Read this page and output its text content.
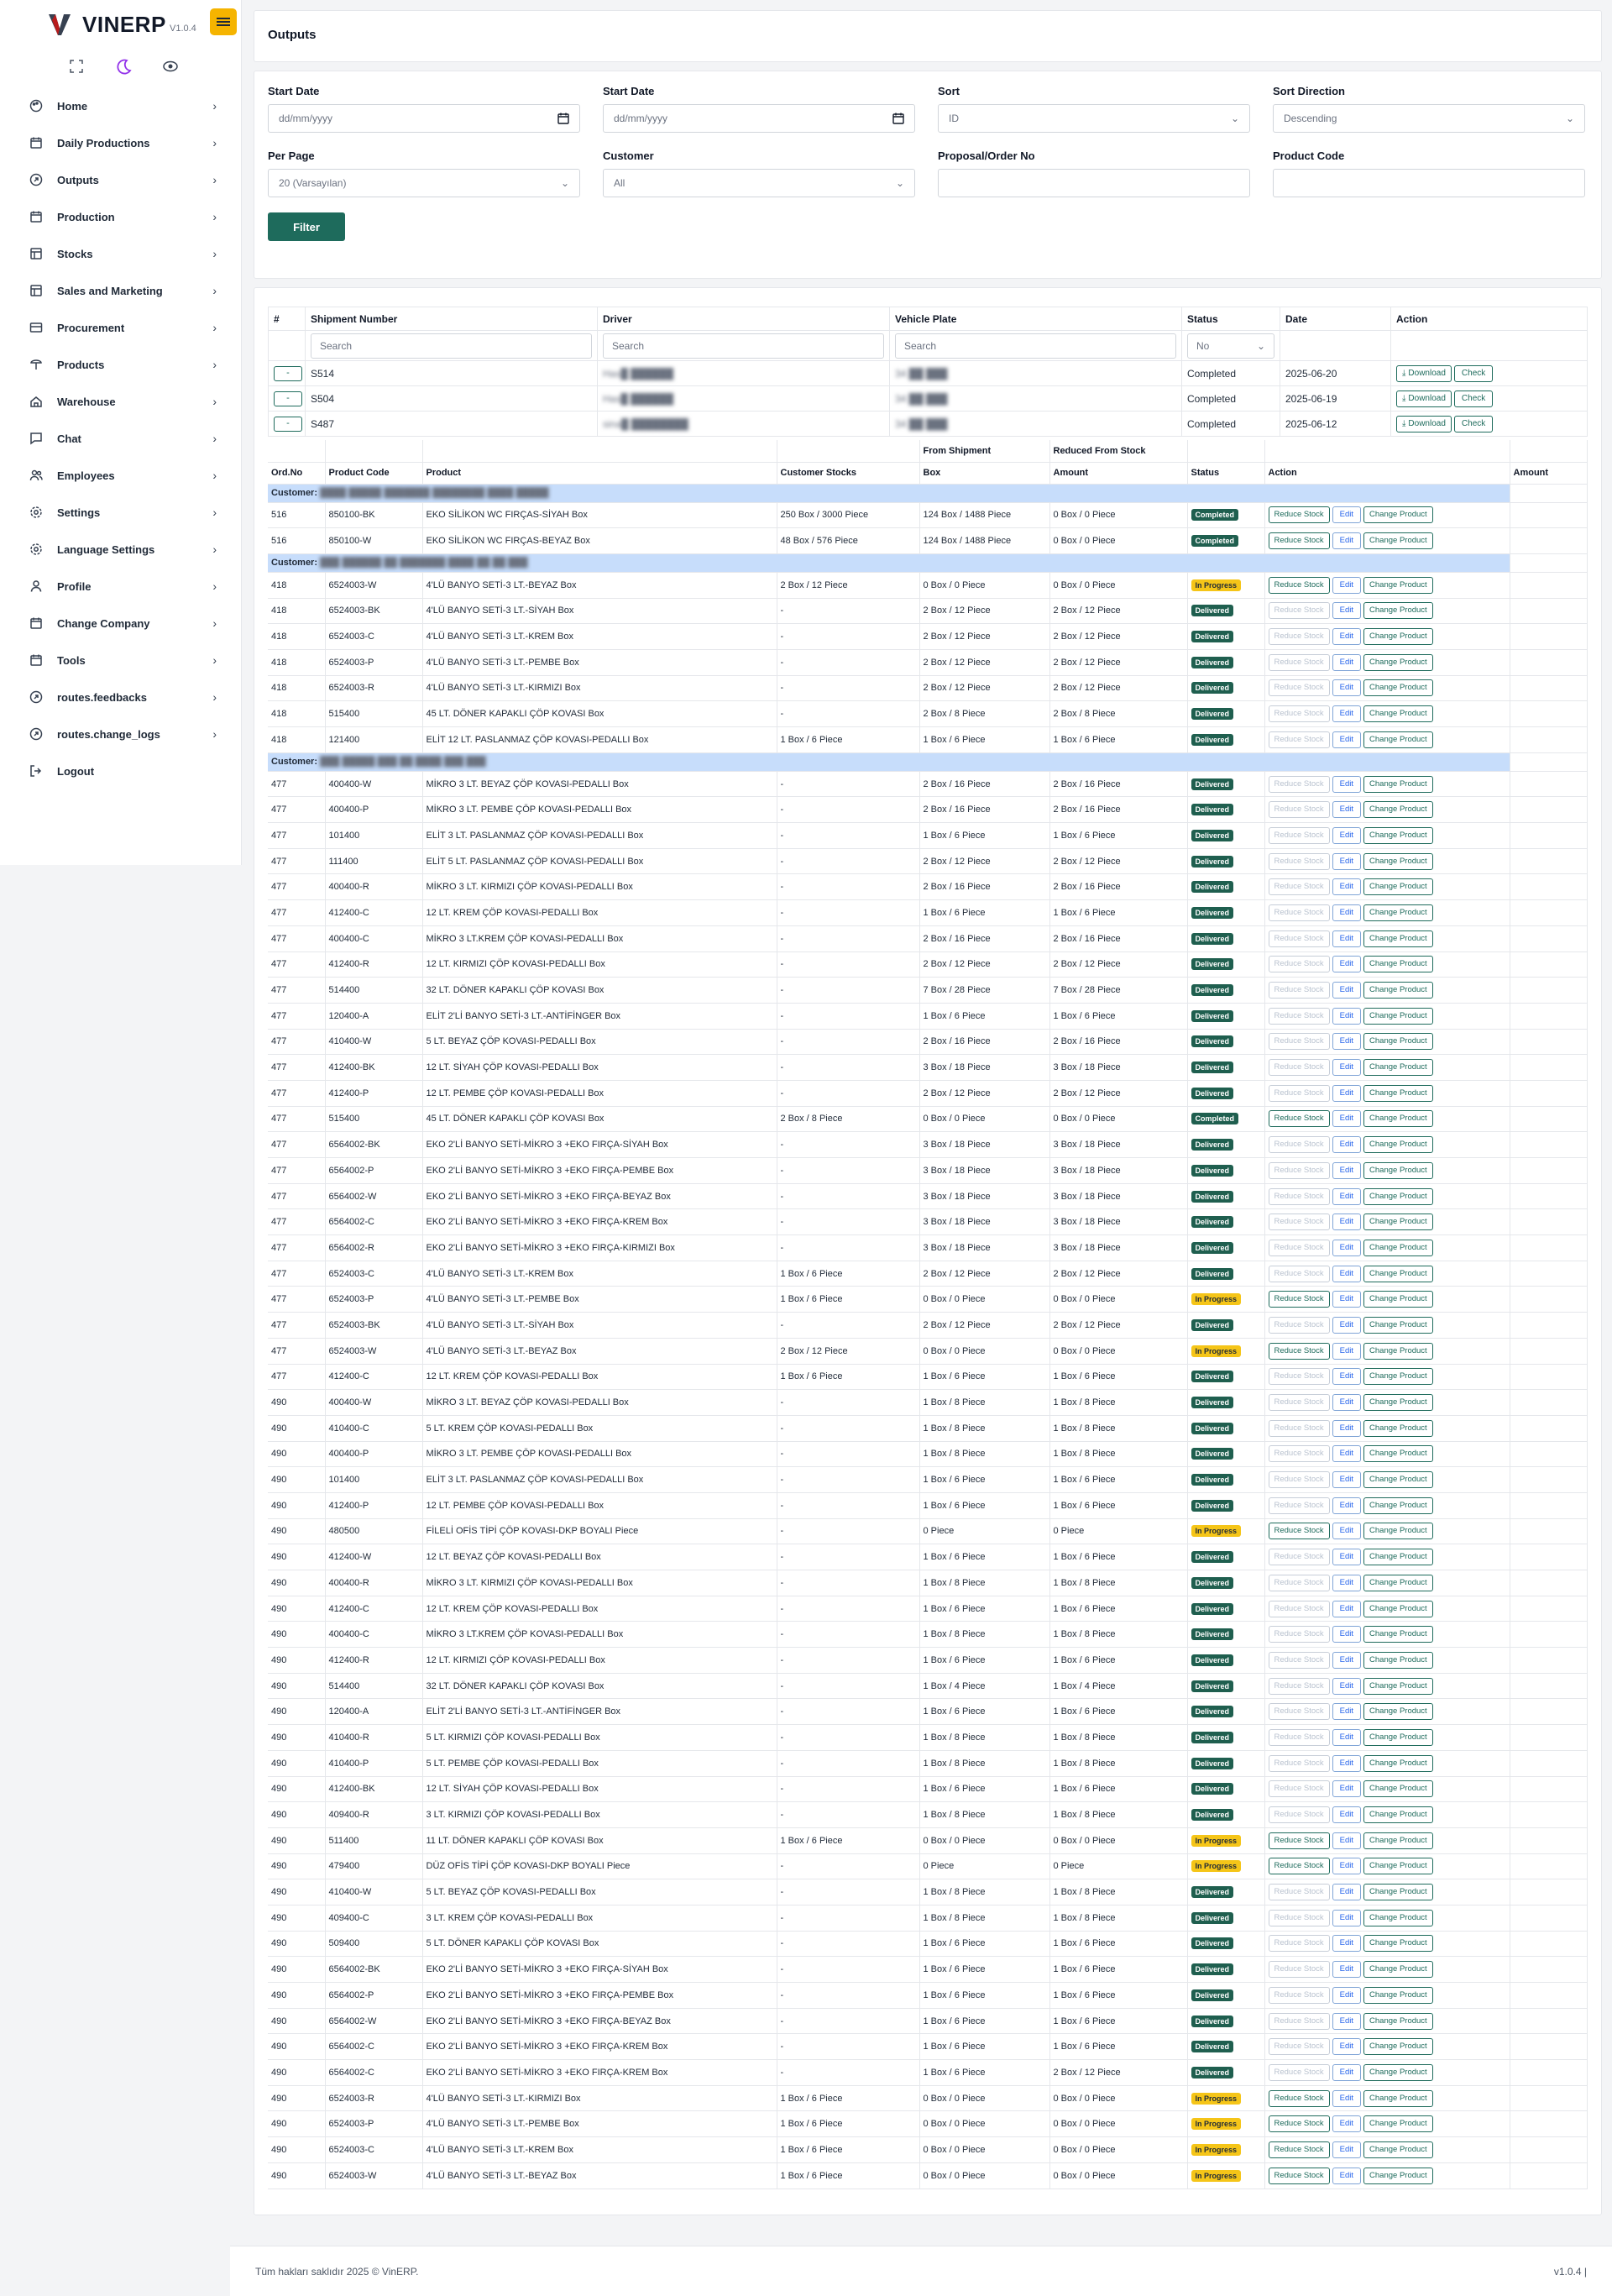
VINERP V1.0.4
Home	›
Daily Productions	›
Outputs	›
Production	›
Stocks	›
Sales and Marketing	›
Procurement	›
Products	›
Warehouse	›
Chat	›
Employees	›
Settings	›
Language Settings	›
Profile	›
Change Company	›
Tools	›
routes.feedbacks	›
routes.change_logs	›
Logout
Outputs
Start Date
dd/mm/yyyy
Start Date
dd/mm/yyyy
Sort
ID	⌄
Sort Direction
Descending	⌄
Per Page
20 (Varsayılan)	⌄
Customer
All	⌄
Proposal/Order No	Product Code
Filter
#	Shipment Number	Driver	Vehicle Plate	Status	Date	Action

Search	Search	Search	No ⌄		

-	S514	Has█ ██████	34 ██ ███	Completed	2025-06-20	⤓ Download Check

-	S504	Has█ ██████	34 ██ ███	Completed	2025-06-19	⤓ Download Check

-	S487	sina█ ████████	34 ██ ███	Completed	2025-06-12	⤓ Download Check
				From Shipment	Reduced From Stock			
Ord.No	Product Code	Product	Customer Stocks	Box	Amount	Status	Action	Amount
Customer: ████ █████ ███████ ████████ ████ █████								
516	850100-BK	EKO SİLİKON WC FIRÇAS-SİYAH Box	250 Box / 3000 Piece	124 Box / 1488 Piece	0 Box / 0 Piece	Completed	Reduce Stock Edit Change Product	
516	850100-W	EKO SİLİKON WC FIRÇAS-BEYAZ Box	48 Box / 576 Piece	124 Box / 1488 Piece	0 Box / 0 Piece	Completed	Reduce Stock Edit Change Product	
Customer: ███ ██████ ██ ███████ ████ ██ ██ ███								
418	6524003-W	4'LÜ BANYO SETİ-3 LT.-BEYAZ Box	2 Box / 12 Piece	0 Box / 0 Piece	0 Box / 0 Piece	In Progress	Reduce Stock Edit Change Product	
418	6524003-BK	4'LÜ BANYO SETİ-3 LT.-SİYAH Box	-	2 Box / 12 Piece	2 Box / 12 Piece	Delivered	Reduce Stock Edit Change Product	
418	6524003-C	4'LÜ BANYO SETİ-3 LT.-KREM Box	-	2 Box / 12 Piece	2 Box / 12 Piece	Delivered	Reduce Stock Edit Change Product	
418	6524003-P	4'LÜ BANYO SETİ-3 LT.-PEMBE Box	-	2 Box / 12 Piece	2 Box / 12 Piece	Delivered	Reduce Stock Edit Change Product	
418	6524003-R	4'LÜ BANYO SETİ-3 LT.-KIRMIZI Box	-	2 Box / 12 Piece	2 Box / 12 Piece	Delivered	Reduce Stock Edit Change Product	
418	515400	45 LT. DÖNER KAPAKLI ÇÖP KOVASI Box	-	2 Box / 8 Piece	2 Box / 8 Piece	Delivered	Reduce Stock Edit Change Product	
418	121400	ELİT 12 LT. PASLANMAZ ÇÖP KOVASI-PEDALLI Box	1 Box / 6 Piece	1 Box / 6 Piece	1 Box / 6 Piece	Delivered	Reduce Stock Edit Change Product	
Customer: ███ █████ ███ ██ ████ ███ ███								
477	400400-W	MİKRO 3 LT. BEYAZ ÇÖP KOVASI-PEDALLI Box	-	2 Box / 16 Piece	2 Box / 16 Piece	Delivered	Reduce Stock Edit Change Product	
477	400400-P	MİKRO 3 LT. PEMBE ÇÖP KOVASI-PEDALLI Box	-	2 Box / 16 Piece	2 Box / 16 Piece	Delivered	Reduce Stock Edit Change Product	
477	101400	ELİT 3 LT. PASLANMAZ ÇÖP KOVASI-PEDALLI Box	-	1 Box / 6 Piece	1 Box / 6 Piece	Delivered	Reduce Stock Edit Change Product	
477	111400	ELİT 5 LT. PASLANMAZ ÇÖP KOVASI-PEDALLI Box	-	2 Box / 12 Piece	2 Box / 12 Piece	Delivered	Reduce Stock Edit Change Product	
477	400400-R	MİKRO 3 LT. KIRMIZI ÇÖP KOVASI-PEDALLI Box	-	2 Box / 16 Piece	2 Box / 16 Piece	Delivered	Reduce Stock Edit Change Product	
477	412400-C	12 LT. KREM ÇÖP KOVASI-PEDALLI Box	-	1 Box / 6 Piece	1 Box / 6 Piece	Delivered	Reduce Stock Edit Change Product	
477	400400-C	MİKRO 3 LT.KREM ÇÖP KOVASI-PEDALLI Box	-	2 Box / 16 Piece	2 Box / 16 Piece	Delivered	Reduce Stock Edit Change Product	
477	412400-R	12 LT. KIRMIZI ÇÖP KOVASI-PEDALLI Box	-	2 Box / 12 Piece	2 Box / 12 Piece	Delivered	Reduce Stock Edit Change Product	
477	514400	32 LT. DÖNER KAPAKLI ÇÖP KOVASI Box	-	7 Box / 28 Piece	7 Box / 28 Piece	Delivered	Reduce Stock Edit Change Product	
477	120400-A	ELİT 2'Lİ BANYO SETİ-3 LT.-ANTİFİNGER Box	-	1 Box / 6 Piece	1 Box / 6 Piece	Delivered	Reduce Stock Edit Change Product	
477	410400-W	5 LT. BEYAZ ÇÖP KOVASI-PEDALLI Box	-	2 Box / 16 Piece	2 Box / 16 Piece	Delivered	Reduce Stock Edit Change Product	
477	412400-BK	12 LT. SİYAH ÇÖP KOVASI-PEDALLI Box	-	3 Box / 18 Piece	3 Box / 18 Piece	Delivered	Reduce Stock Edit Change Product	
477	412400-P	12 LT. PEMBE ÇÖP KOVASI-PEDALLI Box	-	2 Box / 12 Piece	2 Box / 12 Piece	Delivered	Reduce Stock Edit Change Product	
477	515400	45 LT. DÖNER KAPAKLI ÇÖP KOVASI Box	2 Box / 8 Piece	0 Box / 0 Piece	0 Box / 0 Piece	Completed	Reduce Stock Edit Change Product	
477	6564002-BK	EKO 2'Lİ BANYO SETİ-MİKRO 3 +EKO FIRÇA-SİYAH Box	-	3 Box / 18 Piece	3 Box / 18 Piece	Delivered	Reduce Stock Edit Change Product	
477	6564002-P	EKO 2'Lİ BANYO SETİ-MİKRO 3 +EKO FIRÇA-PEMBE Box	-	3 Box / 18 Piece	3 Box / 18 Piece	Delivered	Reduce Stock Edit Change Product	
477	6564002-W	EKO 2'Lİ BANYO SETİ-MİKRO 3 +EKO FIRÇA-BEYAZ Box	-	3 Box / 18 Piece	3 Box / 18 Piece	Delivered	Reduce Stock Edit Change Product	
477	6564002-C	EKO 2'Lİ BANYO SETİ-MİKRO 3 +EKO FIRÇA-KREM Box	-	3 Box / 18 Piece	3 Box / 18 Piece	Delivered	Reduce Stock Edit Change Product	
477	6564002-R	EKO 2'Lİ BANYO SETİ-MİKRO 3 +EKO FIRÇA-KIRMIZI Box	-	3 Box / 18 Piece	3 Box / 18 Piece	Delivered	Reduce Stock Edit Change Product	
477	6524003-C	4'LÜ BANYO SETİ-3 LT.-KREM Box	1 Box / 6 Piece	2 Box / 12 Piece	2 Box / 12 Piece	Delivered	Reduce Stock Edit Change Product	
477	6524003-P	4'LÜ BANYO SETİ-3 LT.-PEMBE Box	1 Box / 6 Piece	0 Box / 0 Piece	0 Box / 0 Piece	In Progress	Reduce Stock Edit Change Product	
477	6524003-BK	4'LÜ BANYO SETİ-3 LT.-SİYAH Box	-	2 Box / 12 Piece	2 Box / 12 Piece	Delivered	Reduce Stock Edit Change Product	
477	6524003-W	4'LÜ BANYO SETİ-3 LT.-BEYAZ Box	2 Box / 12 Piece	0 Box / 0 Piece	0 Box / 0 Piece	In Progress	Reduce Stock Edit Change Product	
477	412400-C	12 LT. KREM ÇÖP KOVASI-PEDALLI Box	1 Box / 6 Piece	1 Box / 6 Piece	1 Box / 6 Piece	Delivered	Reduce Stock Edit Change Product	
490	400400-W	MİKRO 3 LT. BEYAZ ÇÖP KOVASI-PEDALLI Box	-	1 Box / 8 Piece	1 Box / 8 Piece	Delivered	Reduce Stock Edit Change Product	
490	410400-C	5 LT. KREM ÇÖP KOVASI-PEDALLI Box	-	1 Box / 8 Piece	1 Box / 8 Piece	Delivered	Reduce Stock Edit Change Product	
490	400400-P	MİKRO 3 LT. PEMBE ÇÖP KOVASI-PEDALLI Box	-	1 Box / 8 Piece	1 Box / 8 Piece	Delivered	Reduce Stock Edit Change Product	
490	101400	ELİT 3 LT. PASLANMAZ ÇÖP KOVASI-PEDALLI Box	-	1 Box / 6 Piece	1 Box / 6 Piece	Delivered	Reduce Stock Edit Change Product	
490	412400-P	12 LT. PEMBE ÇÖP KOVASI-PEDALLI Box	-	1 Box / 6 Piece	1 Box / 6 Piece	Delivered	Reduce Stock Edit Change Product	
490	480500	FİLELİ OFİS TİPİ ÇÖP KOVASI-DKP BOYALI Piece	-	0 Piece	0 Piece	In Progress	Reduce Stock Edit Change Product	
490	412400-W	12 LT. BEYAZ ÇÖP KOVASI-PEDALLI Box	-	1 Box / 6 Piece	1 Box / 6 Piece	Delivered	Reduce Stock Edit Change Product	
490	400400-R	MİKRO 3 LT. KIRMIZI ÇÖP KOVASI-PEDALLI Box	-	1 Box / 8 Piece	1 Box / 8 Piece	Delivered	Reduce Stock Edit Change Product	
490	412400-C	12 LT. KREM ÇÖP KOVASI-PEDALLI Box	-	1 Box / 6 Piece	1 Box / 6 Piece	Delivered	Reduce Stock Edit Change Product	
490	400400-C	MİKRO 3 LT.KREM ÇÖP KOVASI-PEDALLI Box	-	1 Box / 8 Piece	1 Box / 8 Piece	Delivered	Reduce Stock Edit Change Product	
490	412400-R	12 LT. KIRMIZI ÇÖP KOVASI-PEDALLI Box	-	1 Box / 6 Piece	1 Box / 6 Piece	Delivered	Reduce Stock Edit Change Product	
490	514400	32 LT. DÖNER KAPAKLI ÇÖP KOVASI Box	-	1 Box / 4 Piece	1 Box / 4 Piece	Delivered	Reduce Stock Edit Change Product	
490	120400-A	ELİT 2'Lİ BANYO SETİ-3 LT.-ANTİFİNGER Box	-	1 Box / 6 Piece	1 Box / 6 Piece	Delivered	Reduce Stock Edit Change Product	
490	410400-R	5 LT. KIRMIZI ÇÖP KOVASI-PEDALLI Box	-	1 Box / 8 Piece	1 Box / 8 Piece	Delivered	Reduce Stock Edit Change Product	
490	410400-P	5 LT. PEMBE ÇÖP KOVASI-PEDALLI Box	-	1 Box / 8 Piece	1 Box / 8 Piece	Delivered	Reduce Stock Edit Change Product	
490	412400-BK	12 LT. SİYAH ÇÖP KOVASI-PEDALLI Box	-	1 Box / 6 Piece	1 Box / 6 Piece	Delivered	Reduce Stock Edit Change Product	
490	409400-R	3 LT. KIRMIZI ÇÖP KOVASI-PEDALLI Box	-	1 Box / 8 Piece	1 Box / 8 Piece	Delivered	Reduce Stock Edit Change Product	
490	511400	11 LT. DÖNER KAPAKLI ÇÖP KOVASI Box	1 Box / 6 Piece	0 Box / 0 Piece	0 Box / 0 Piece	In Progress	Reduce Stock Edit Change Product	
490	479400	DÜZ OFİS TİPİ ÇÖP KOVASI-DKP BOYALI Piece	-	0 Piece	0 Piece	In Progress	Reduce Stock Edit Change Product	
490	410400-W	5 LT. BEYAZ ÇÖP KOVASI-PEDALLI Box	-	1 Box / 8 Piece	1 Box / 8 Piece	Delivered	Reduce Stock Edit Change Product	
490	409400-C	3 LT. KREM ÇÖP KOVASI-PEDALLI Box	-	1 Box / 8 Piece	1 Box / 8 Piece	Delivered	Reduce Stock Edit Change Product	
490	509400	5 LT. DÖNER KAPAKLI ÇÖP KOVASI Box	-	1 Box / 6 Piece	1 Box / 6 Piece	Delivered	Reduce Stock Edit Change Product	
490	6564002-BK	EKO 2'Lİ BANYO SETİ-MİKRO 3 +EKO FIRÇA-SİYAH Box	-	1 Box / 6 Piece	1 Box / 6 Piece	Delivered	Reduce Stock Edit Change Product	
490	6564002-P	EKO 2'Lİ BANYO SETİ-MİKRO 3 +EKO FIRÇA-PEMBE Box	-	1 Box / 6 Piece	1 Box / 6 Piece	Delivered	Reduce Stock Edit Change Product	
490	6564002-W	EKO 2'Lİ BANYO SETİ-MİKRO 3 +EKO FIRÇA-BEYAZ Box	-	1 Box / 6 Piece	1 Box / 6 Piece	Delivered	Reduce Stock Edit Change Product	
490	6564002-C	EKO 2'Lİ BANYO SETİ-MİKRO 3 +EKO FIRÇA-KREM Box	-	1 Box / 6 Piece	1 Box / 6 Piece	Delivered	Reduce Stock Edit Change Product	
490	6564002-C	EKO 2'Lİ BANYO SETİ-MİKRO 3 +EKO FIRÇA-KREM Box	-	1 Box / 6 Piece	2 Box / 12 Piece	Delivered	Reduce Stock Edit Change Product	
490	6524003-R	4'LÜ BANYO SETİ-3 LT.-KIRMIZI Box	1 Box / 6 Piece	0 Box / 0 Piece	0 Box / 0 Piece	In Progress	Reduce Stock Edit Change Product	
490	6524003-P	4'LÜ BANYO SETİ-3 LT.-PEMBE Box	1 Box / 6 Piece	0 Box / 0 Piece	0 Box / 0 Piece	In Progress	Reduce Stock Edit Change Product	
490	6524003-C	4'LÜ BANYO SETİ-3 LT.-KREM Box	1 Box / 6 Piece	0 Box / 0 Piece	0 Box / 0 Piece	In Progress	Reduce Stock Edit Change Product	
490	6524003-W	4'LÜ BANYO SETİ-3 LT.-BEYAZ Box	1 Box / 6 Piece	0 Box / 0 Piece	0 Box / 0 Piece	In Progress	Reduce Stock Edit Change Product	
Tüm hakları saklıdır 2025 © VinERP.	v1.0.4 |
